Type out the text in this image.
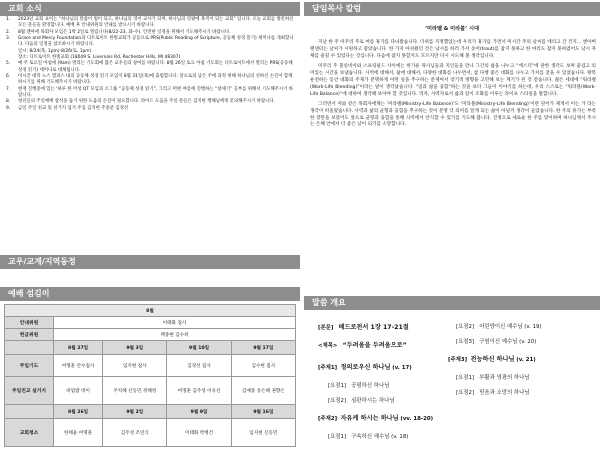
교회 소식
1.	2023년 교회 표어는 “하나님의 말씀이 법이 되고, 하나님의 영이 교사가 되며, 하나님의 영광에 목적이 되는 교회” 입니다. 오늘 교회를 방문하신 모든 분들을 환영합니다. 예배 후 안내위원의 안내를 받으시기 바랍니다.
2.	8월 엔아에 목회자 모임은 1박 2일로 열립니다(8/22-23, 화-수). 안전한 일정을 위해서 기도해주시기 바랍니다.
3.	Grace and Mercy Foundation과 디트로이트 한빛교회가 공동으로 PRS(Public Reading of Scripture, 공동체 성경 읽기) 세미나를 개최합니다. 다음의 일정을 참조하시기 바랍니다.
일시: 8/24(목, 1pm)-8/26(토, 1pm)
장소: 디트로이트 한빛교회 (18049 S. Livernois Rd, Rochester Hills, MI 48307)
5.	매 주 토요일 아침에 (9am) 열리는 기도회에 많은 교우들의 참여를 바랍니다. 8월 26일 토요 아침 기도회는 디트로이트에서 열리는 PRS(공동체 성경 읽기) 세미나로 대체됩니다.
6.	미시간 대학 노스 캠퍼스 내의 공동체 성경 읽기 모임이 8월 31일(목)에 출범합니다. 앞으로의 남은 주에 과정 위해 하나님의 선하신 손길이 함께 하시기를 위해 기도해주시기 바랍니다.
7.	현재 진행중에 있는 ‘하루 한 어성 QT 모임과 소그룹 “공동체 성경 읽기”, 그리고 머변 여름에 진행하는 “창세기” 공부를 위해서 기도해주시기 바랍니다.
8.	청년들의 주일예배 참석을 돕기 위한 도움의 손길이 필요합니다. 라이드 도움을 주실 분들은 김지현 행해님에게 문의해주시기 바랍니다.
9.	금일 주일 친교 및 설거지 섬겨 주심 김지현 주중분 김경선
교우/교계/지역동정
예배 섬김이
8월				
안내위원	이태화 집사			
헌금위원	백종현 김수희			
	8월 27일	9월 3일	9월 10일	9월 17일
주일기도	여명훈 안수집사	임지현 집사	김경선 집사	김수현 집사
주일친교 설거지	비빔밥 데이	주치혜 신동민 정해영	여명훈 김주성 이유선	김예중 송은해 권향은
	8월 26일	9월 2일	9월 9일	9월 16일
교회청소	한태윤 여명훈	김주성 조연식	이태화 박병건	임지현 신동민
담임목사 칼럼
‘미라벨 & 미라블’ 시대

지난 한 주 미주리 주로 여름 휴가를 다녀왔습니다. 더위를 지정했었는데 우리가 휴가를 가면서 미시간 주의 날씨를 데리고 간 건지... 엔아버랜센터는 날씨가 시원하고 좋았습니다. 한 가지 아쉬웠던 것은 낚시를 하러 가서 송어(trout)를 잡지 못하고 한 마리도 잡지 못하였어도 낚시 자체를 즐길 수 있었다는 것입니다. 다음에 잡지 못할지도 모르지만 다시 시도해 볼 생각입니다.

미주리 주 블롱비아와 스프링필드 사이에는 한가운 목사님들과 지인들을 만나 그간의 삶을 나누고 “에스더”에 관한 생각도 보며 즐겁고 의미있는 시간을 보냈습니다. 사역에 대해서, 삶에 대해서, 다양한 대화를 나누면서, 참 다행 좋은 대화를 나누고 가치를 찾을 수 있었습니다. 왕복 운전하는 동안 대화의 주제가 분명하게 어떤 일을 추구하는 문제여서 장기적 방향을 고민해 보는 계기가 된 것 같습니다. 젊은 세대에 “워라밸(Work-Life Blending)”이라는 말이 생각났습니다. “일과 삶을 융합”하는 것을 보다 그들이 이야기를 하는데, 우리 스스로는 “워라블(Work-Life Balance)”에 대하여 생각해 보아야 할 것입니다. 역자, 사역자로서 삶과 일이 조화를 이루는 라이프 스타일을 말합니다.

그러면서 저와 같은 목회자에게는 ‘미라밸(Ministry-Life Balance)’도 ‘미라블(Ministry-Life Blending)’이란 단어가 제게서 어는 가 라는 생각이 떠올랐습니다. 사역과 삶의 균형과 융합을 추구하는 것이 분명 더 의미를 알게 되는 삶이 아닐까 생각이 들었습니다. 한 주의 휴가는 부족한 장만을 보았어도 앞으로 균형과 융합을 통해 사역에서 안식할 수 있기를 기도해 봅니다. 진정으로 새로운 한 주를 맞이하며 하나님께서 주시는 은혜 안에서 더 좋은 날이 되기를 소망합니다.

말씀 개요
[본문] 베드로전서 1장 17-21절
<제목> “두려움을 두려움으로”
[주제1] 정의로우신 하나님 (v. 17)
[요점1] 공평하신 하나님
[요점2] 심판하시는 하나님
[주제2] 자유케 하시는 하나님 (vv. 18-20)
[요점1] 구속하신 예수님 (v. 18)
[요점2] 어린양이신 예수님 (v. 19)
[요점3] 구원이신 예수님 (v. 20)
[주제3] 전능하신 하나님 (v. 21)
[요점1] 부활과 영광의 하나님
[요점2] 믿음과 소망의 하나님
